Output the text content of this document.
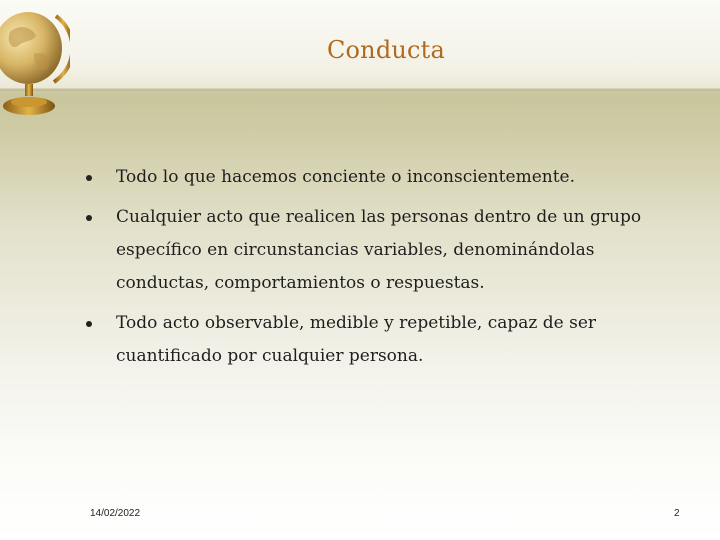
Conducta
Todo lo que hacemos conciente o inconscientemente.
Cualquier acto que realicen las personas dentro de un grupo específico en circunstancias variables, denominándolas conductas, comportamientos o respuestas.
Todo acto observable, medible y repetible, capaz de ser cuantificado por cualquier persona.
14/02/2022	2
